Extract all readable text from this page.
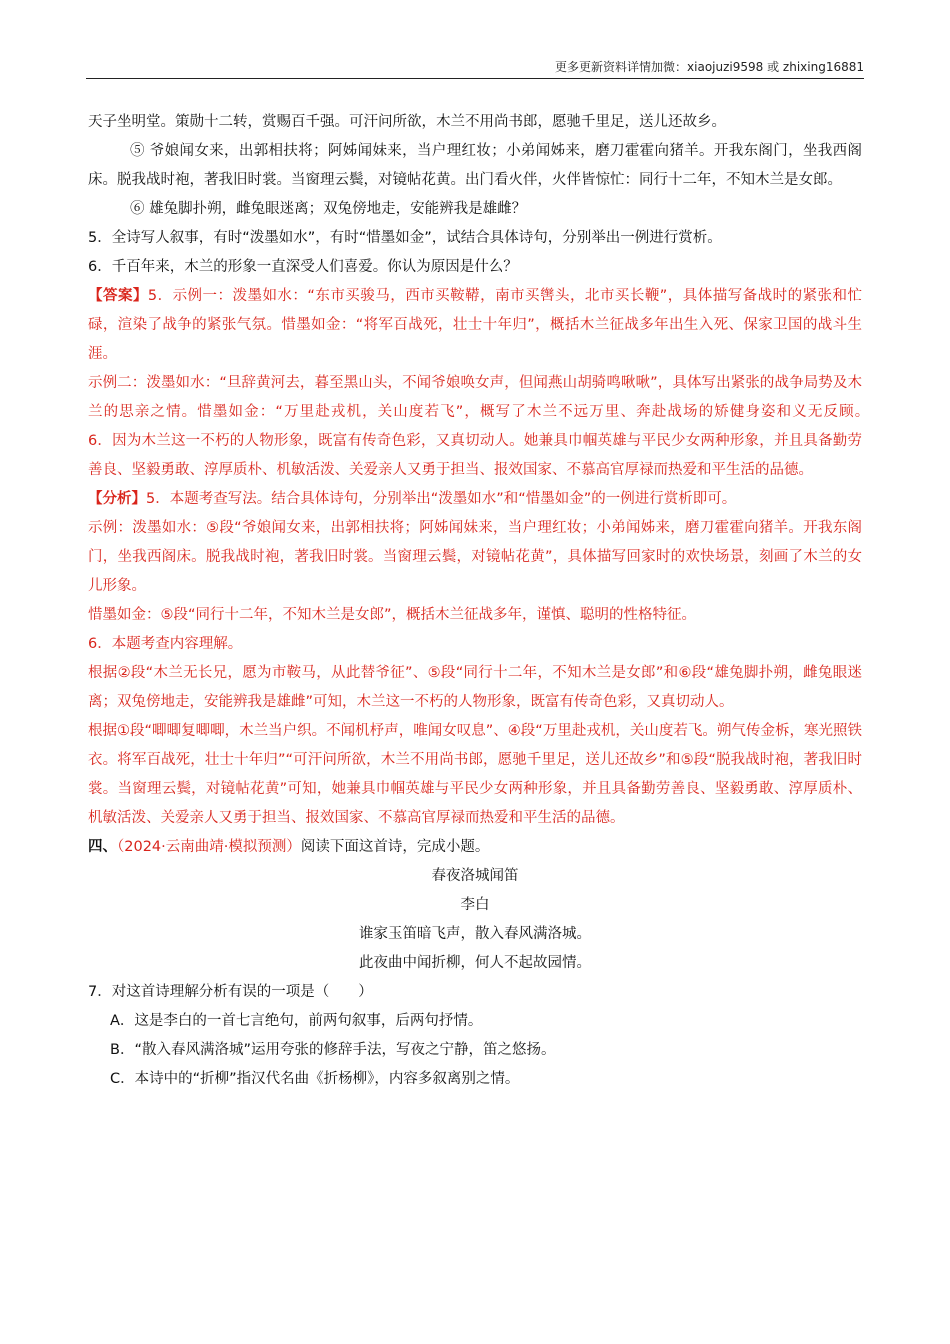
更多更新资料详情加微：xiaojuzi9598 或 zhixing16881

天子坐明堂。策勋十二转，赏赐百千强。可汗问所欲，木兰不用尚书郎，愿驰千里足，送儿还故乡。

⑤ 爷娘闻女来，出郭相扶将；阿姊闻妹来，当户理红妆；小弟闻姊来，磨刀霍霍向猪羊。开我东阁门，坐我西阁床。脱我战时袍，著我旧时裳。当窗理云鬓，对镜帖花黄。出门看火伴，火伴皆惊忙：同行十二年，不知木兰是女郎。

⑥ 雄兔脚扑朔，雌兔眼迷离；双兔傍地走，安能辨我是雄雌？

5．全诗写人叙事，有时“泼墨如水”，有时“惜墨如金”，试结合具体诗句，分别举出一例进行赏析。

6．千百年来，木兰的形象一直深受人们喜爱。你认为原因是什么？

【答案】5．示例一：泼墨如水：“东市买骏马，西市买鞍鞯，南市买辔头，北市买长鞭”，具体描写备战时的紧张和忙碌，渲染了战争的紧张气氛。惜墨如金：“将军百战死，壮士十年归”，概括木兰征战多年出生入死、保家卫国的战斗生涯。

示例二：泼墨如水：“旦辞黄河去，暮至黑山头，不闻爷娘唤女声，但闻燕山胡骑鸣啾啾”，具体写出紧张的战争局势及木兰的思亲之情。惜墨如金：“万里赴戎机，关山度若飞”，概写了木兰不远万里、奔赴战场的矫健身姿和义无反顾。　　 6．因为木兰这一不朽的人物形象，既富有传奇色彩，又真切动人。她兼具巾帼英雄与平民少女两种形象，并且具备勤劳善良、坚毅勇敢、淳厚质朴、机敏活泼、关爱亲人又勇于担当、报效国家、不慕高官厚禄而热爱和平生活的品德。

【分析】5．本题考查写法。结合具体诗句，分别举出“泼墨如水”和“惜墨如金”的一例进行赏析即可。

示例：泼墨如水：⑤段“爷娘闻女来，出郭相扶将；阿姊闻妹来，当户理红妆；小弟闻姊来，磨刀霍霍向猪羊。开我东阁门，坐我西阁床。脱我战时袍，著我旧时裳。当窗理云鬓，对镜帖花黄”，具体描写回家时的欢快场景，刻画了木兰的女儿形象。

惜墨如金：⑤段“同行十二年，不知木兰是女郎”，概括木兰征战多年，谨慎、聪明的性格特征。

6．本题考查内容理解。

根据②段“木兰无长兄，愿为市鞍马，从此替爷征”、⑤段“同行十二年，不知木兰是女郎”和⑥段“雄兔脚扑朔，雌兔眼迷离；双兔傍地走，安能辨我是雄雌”可知，木兰这一不朽的人物形象，既富有传奇色彩，又真切动人。

根据①段“唧唧复唧唧，木兰当户织。不闻机杼声，唯闻女叹息”、④段“万里赴戎机，关山度若飞。朔气传金柝，寒光照铁衣。将军百战死，壮士十年归”“可汗问所欲，木兰不用尚书郎，愿驰千里足，送儿还故乡”和⑤段“脱我战时袍，著我旧时裳。当窗理云鬓，对镜帖花黄”可知，她兼具巾帼英雄与平民少女两种形象，并且具备勤劳善良、坚毅勇敢、淳厚质朴、机敏活泼、关爱亲人又勇于担当、报效国家、不慕高官厚禄而热爱和平生活的品德。

四、（2024·云南曲靖·模拟预测）阅读下面这首诗，完成小题。

春夜洛城闻笛

李白

谁家玉笛暗飞声，散入春风满洛城。

此夜曲中闻折柳，何人不起故园情。

7．对这首诗理解分析有误的一项是（　　）

A．这是李白的一首七言绝句，前两句叙事，后两句抒情。

B．“散入春风满洛城”运用夸张的修辞手法，写夜之宁静，笛之悠扬。

C．本诗中的“折柳”指汉代名曲《折杨柳》，内容多叙离别之情。
